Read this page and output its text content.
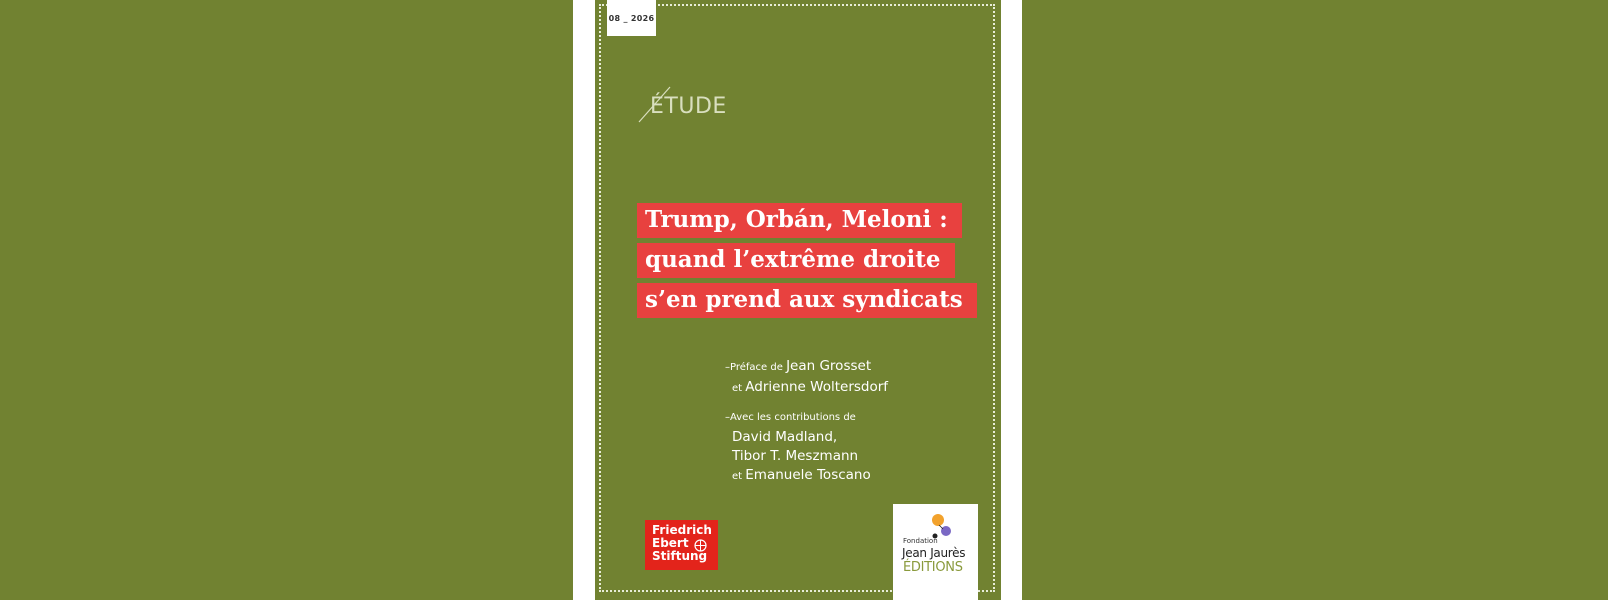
08 _ 2026
ÉTUDE
Trump, Orbán, Meloni :
quand l’extrême droite
s’en prend aux syndicats
–Préface de Jean Grosset
et Adrienne Woltersdorf
–Avec les contributions de
David Madland,
Tibor T. Meszmann
et Emanuele Toscano
Friedrich
Ebert
Stiftung
Fondation
Jean Jaurès
ÉDITIONS
